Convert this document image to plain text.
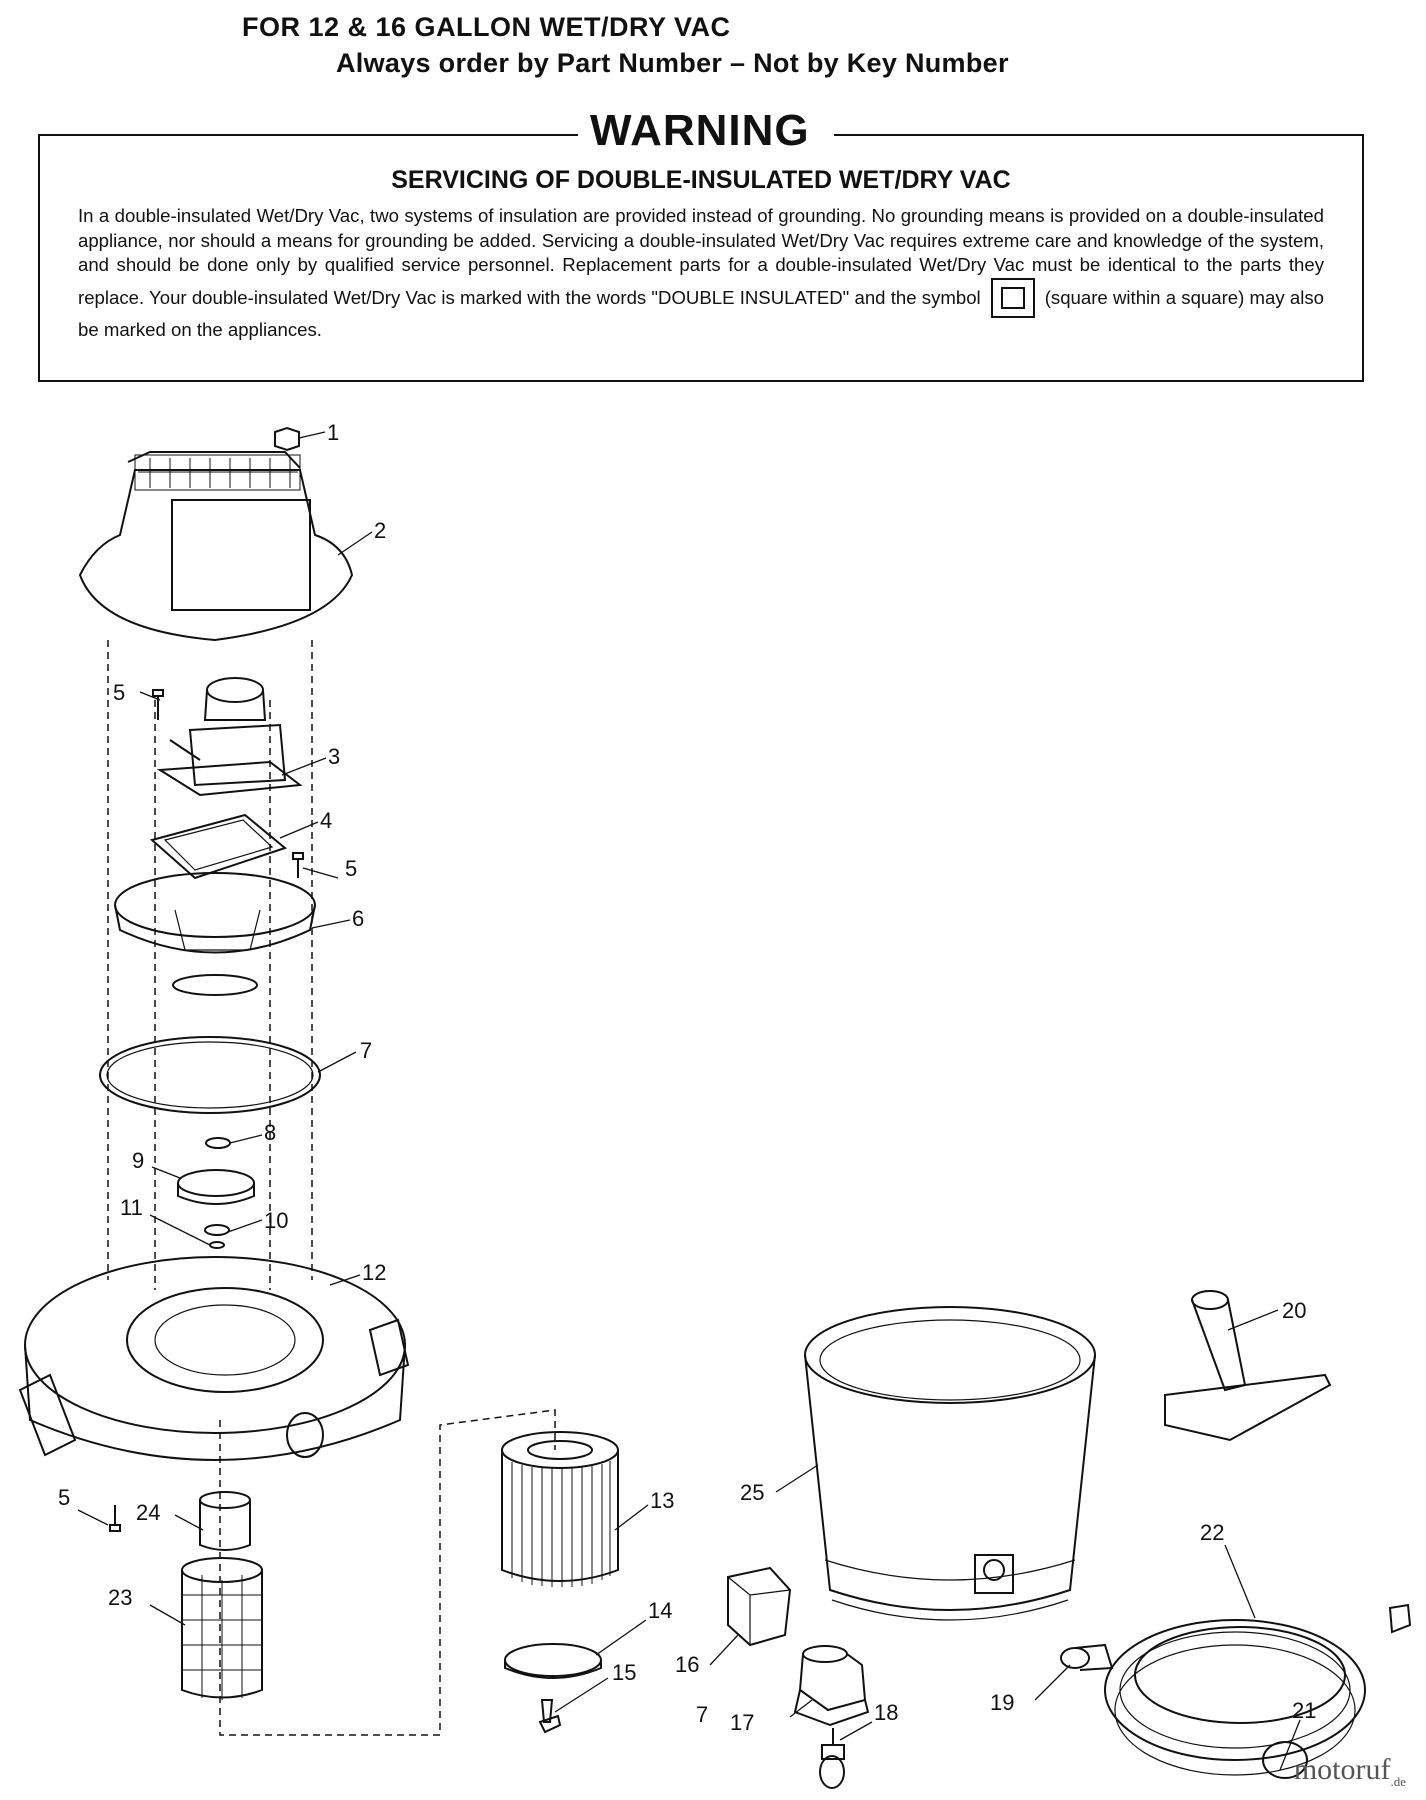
FOR 12 & 16 GALLON WET/DRY VAC
Always order by Part Number – Not by Key Number
WARNING
SERVICING OF DOUBLE-INSULATED WET/DRY VAC
In a double-insulated Wet/Dry Vac, two systems of insulation are provided instead of grounding. No grounding means is provided on a double-insulated appliance, nor should a means for grounding be added. Servicing a double-insulated Wet/Dry Vac requires extreme care and knowledge of the system, and should be done only by qualified service personnel. Replacement parts for a double-insulated Wet/Dry Vac must be identical to the parts they replace. Your double-insulated Wet/Dry Vac is marked with the words "DOUBLE INSULATED" and the symbol	(square within a square) may also be marked on the appliances.
1
2
3
5
4
5
6
7
8
9
10
11
12
5
24
23
13
14
15 16
7 17	18	19
25
20
22
21
motoruf$_{.de}$
